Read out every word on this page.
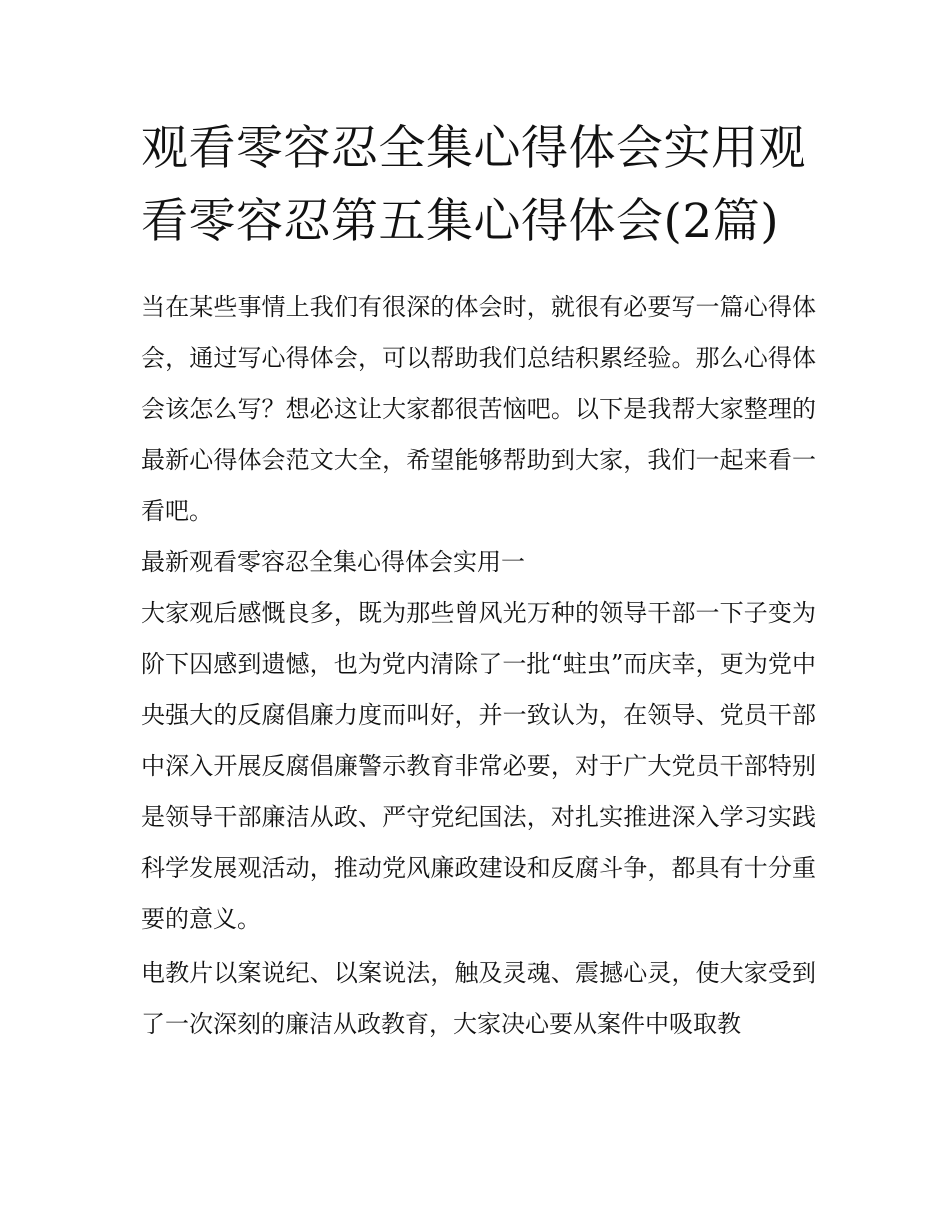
观看零容忍全集心得体会实用观看零容忍第五集心得体会(2篇)

当在某些事情上我们有很深的体会时，就很有必要写一篇心得体会，通过写心得体会，可以帮助我们总结积累经验。那么心得体会该怎么写？想必这让大家都很苦恼吧。以下是我帮大家整理的最新心得体会范文大全，希望能够帮助到大家，我们一起来看一看吧。

最新观看零容忍全集心得体会实用一

大家观后感慨良多，既为那些曾风光万种的领导干部一下子变为阶下囚感到遗憾，也为党内清除了一批“蛀虫”而庆幸，更为党中央强大的反腐倡廉力度而叫好，并一致认为，在领导、党员干部中深入开展反腐倡廉警示教育非常必要，对于广大党员干部特别是领导干部廉洁从政、严守党纪国法，对扎实推进深入学习实践科学发展观活动，推动党风廉政建设和反腐斗争，都具有十分重要的意义。

电教片以案说纪、以案说法，触及灵魂、震撼心灵，使大家受到了一次深刻的廉洁从政教育，大家决心要从案件中吸取教
